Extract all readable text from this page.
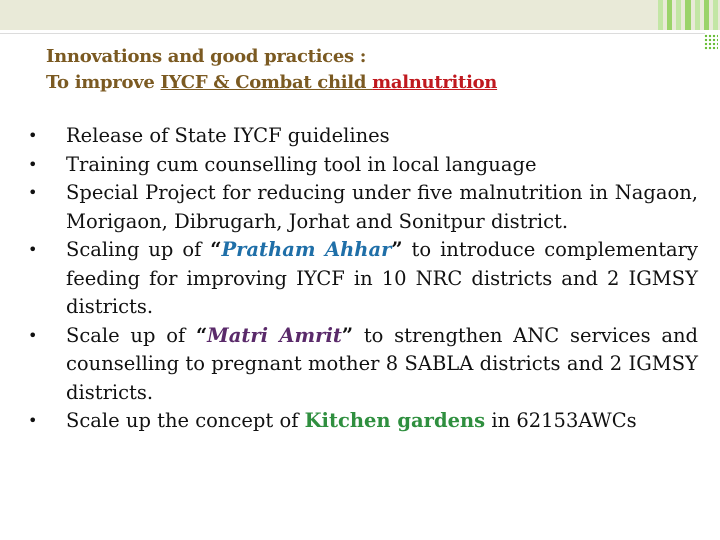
Innovations and good practices :
To improve IYCF & Combat child malnutrition
• Release of State IYCF guidelines
• Training cum counselling tool in local language
• Special Project for reducing under five malnutrition in Nagaon, Morigaon, Dibrugarh, Jorhat and Sonitpur district.
• Scaling up of “Pratham Ahhar” to introduce complementary feeding for improving IYCF in 10 NRC districts and 2 IGMSY districts.
• Scale up of “Matri Amrit” to strengthen ANC services and counselling to pregnant mother 8 SABLA districts and 2 IGMSY districts.
• Scale up the concept of Kitchen gardens in 62153AWCs
